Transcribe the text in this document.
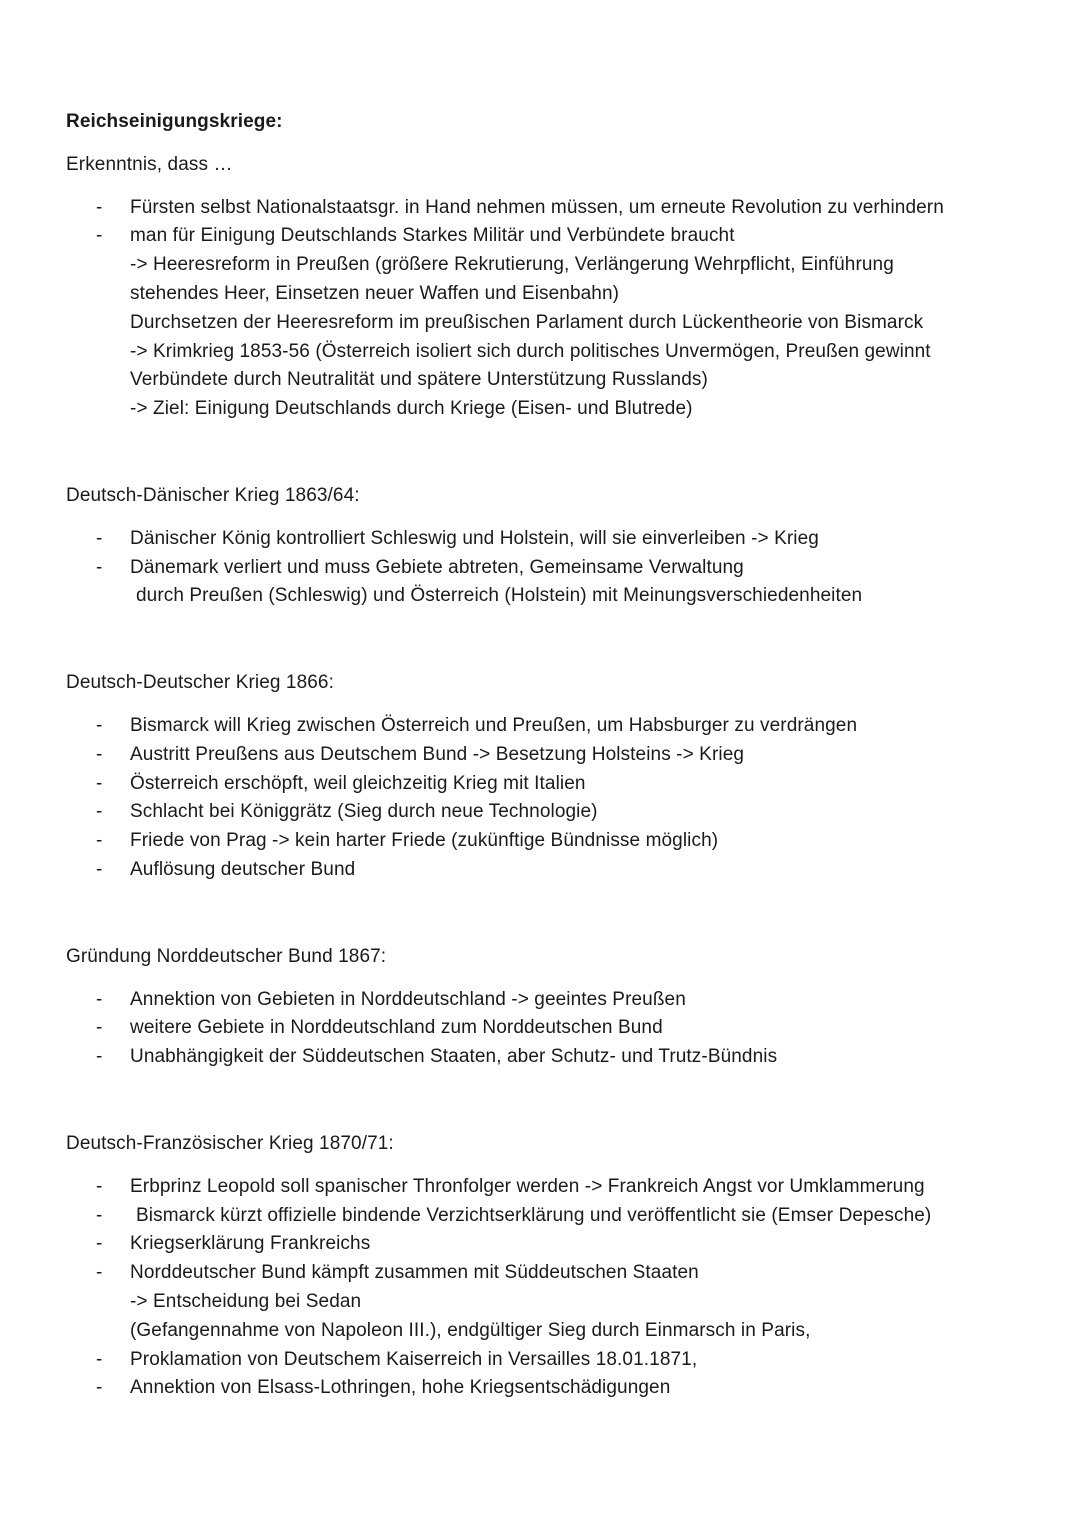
Reichseinigungskriege:
Erkenntnis, dass …
- Fürsten selbst Nationalstaatsgr. in Hand nehmen müssen, um erneute Revolution zu verhindern
- man für Einigung Deutschlands Starkes Militär und Verbündete braucht
-> Heeresreform in Preußen (größere Rekrutierung, Verlängerung Wehrpflicht, Einführung
stehendes Heer, Einsetzen neuer Waffen und Eisenbahn)
Durchsetzen der Heeresreform im preußischen Parlament durch Lückentheorie von Bismarck
-> Krimkrieg 1853-56 (Österreich isoliert sich durch politisches Unvermögen, Preußen gewinnt
Verbündete durch Neutralität und spätere Unterstützung Russlands)
-> Ziel: Einigung Deutschlands durch Kriege (Eisen- und Blutrede)
Deutsch-Dänischer Krieg 1863/64:
- Dänischer König kontrolliert Schleswig und Holstein, will sie einverleiben -> Krieg
- Dänemark verliert und muss Gebiete abtreten, Gemeinsame Verwaltung
durch Preußen (Schleswig) und Österreich (Holstein) mit Meinungsverschiedenheiten
Deutsch-Deutscher Krieg 1866:
- Bismarck will Krieg zwischen Österreich und Preußen, um Habsburger zu verdrängen
- Austritt Preußens aus Deutschem Bund -> Besetzung Holsteins -> Krieg
- Österreich erschöpft, weil gleichzeitig Krieg mit Italien
- Schlacht bei Königgrätz (Sieg durch neue Technologie)
- Friede von Prag -> kein harter Friede (zukünftige Bündnisse möglich)
- Auflösung deutscher Bund
Gründung Norddeutscher Bund 1867:
- Annektion von Gebieten in Norddeutschland -> geeintes Preußen
- weitere Gebiete in Norddeutschland zum Norddeutschen Bund
- Unabhängigkeit der Süddeutschen Staaten, aber Schutz- und Trutz-Bündnis
Deutsch-Französischer Krieg 1870/71:
- Erbprinz Leopold soll spanischer Thronfolger werden -> Frankreich Angst vor Umklammerung
- Bismarck kürzt offizielle bindende Verzichtserklärung und veröffentlicht sie (Emser Depesche)
- Kriegserklärung Frankreichs
- Norddeutscher Bund kämpft zusammen mit Süddeutschen Staaten
-> Entscheidung bei Sedan
(Gefangennahme von Napoleon III.), endgültiger Sieg durch Einmarsch in Paris,
- Proklamation von Deutschem Kaiserreich in Versailles 18.01.1871,
- Annektion von Elsass-Lothringen, hohe Kriegsentschädigungen
